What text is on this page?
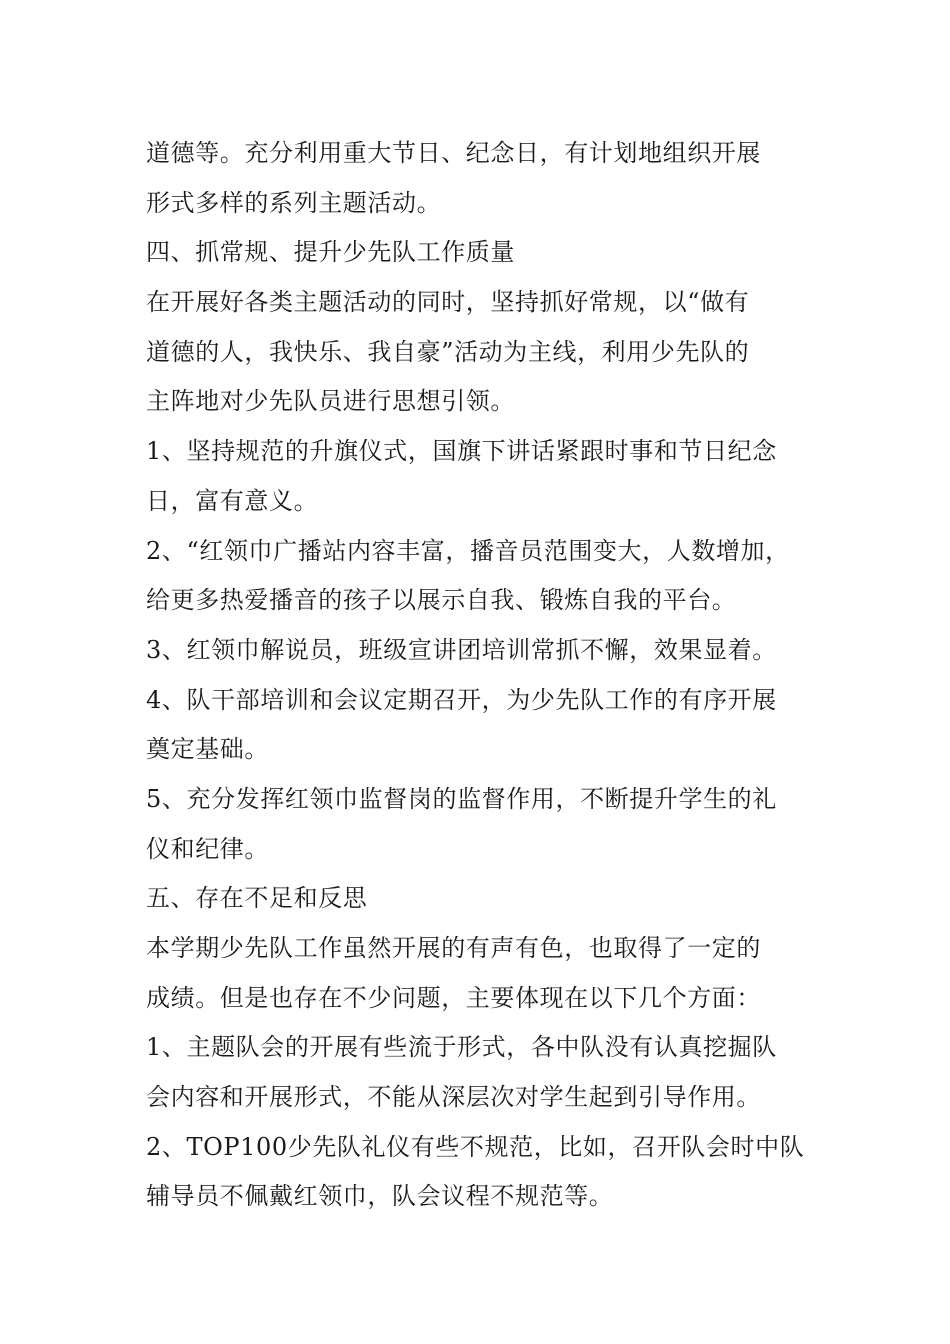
道德等。充分利用重大节日、纪念日，有计划地组织开展
形式多样的系列主题活动。
四、抓常规、提升少先队工作质量
在开展好各类主题活动的同时，坚持抓好常规，以“做有
道德的人，我快乐、我自豪”活动为主线，利用少先队的
主阵地对少先队员进行思想引领。
1、坚持规范的升旗仪式，国旗下讲话紧跟时事和节日纪念
日，富有意义。
2、“红领巾广播站内容丰富，播音员范围变大，人数增加，
给更多热爱播音的孩子以展示自我、锻炼自我的平台。
3、红领巾解说员，班级宣讲团培训常抓不懈，效果显着。
4、队干部培训和会议定期召开，为少先队工作的有序开展
奠定基础。
5、充分发挥红领巾监督岗的监督作用，不断提升学生的礼
仪和纪律。
五、存在不足和反思
本学期少先队工作虽然开展的有声有色，也取得了一定的
成绩。但是也存在不少问题，主要体现在以下几个方面：
1、主题队会的开展有些流于形式，各中队没有认真挖掘队
会内容和开展形式，不能从深层次对学生起到引导作用。
2、TOP100少先队礼仪有些不规范，比如，召开队会时中队
辅导员不佩戴红领巾，队会议程不规范等。
